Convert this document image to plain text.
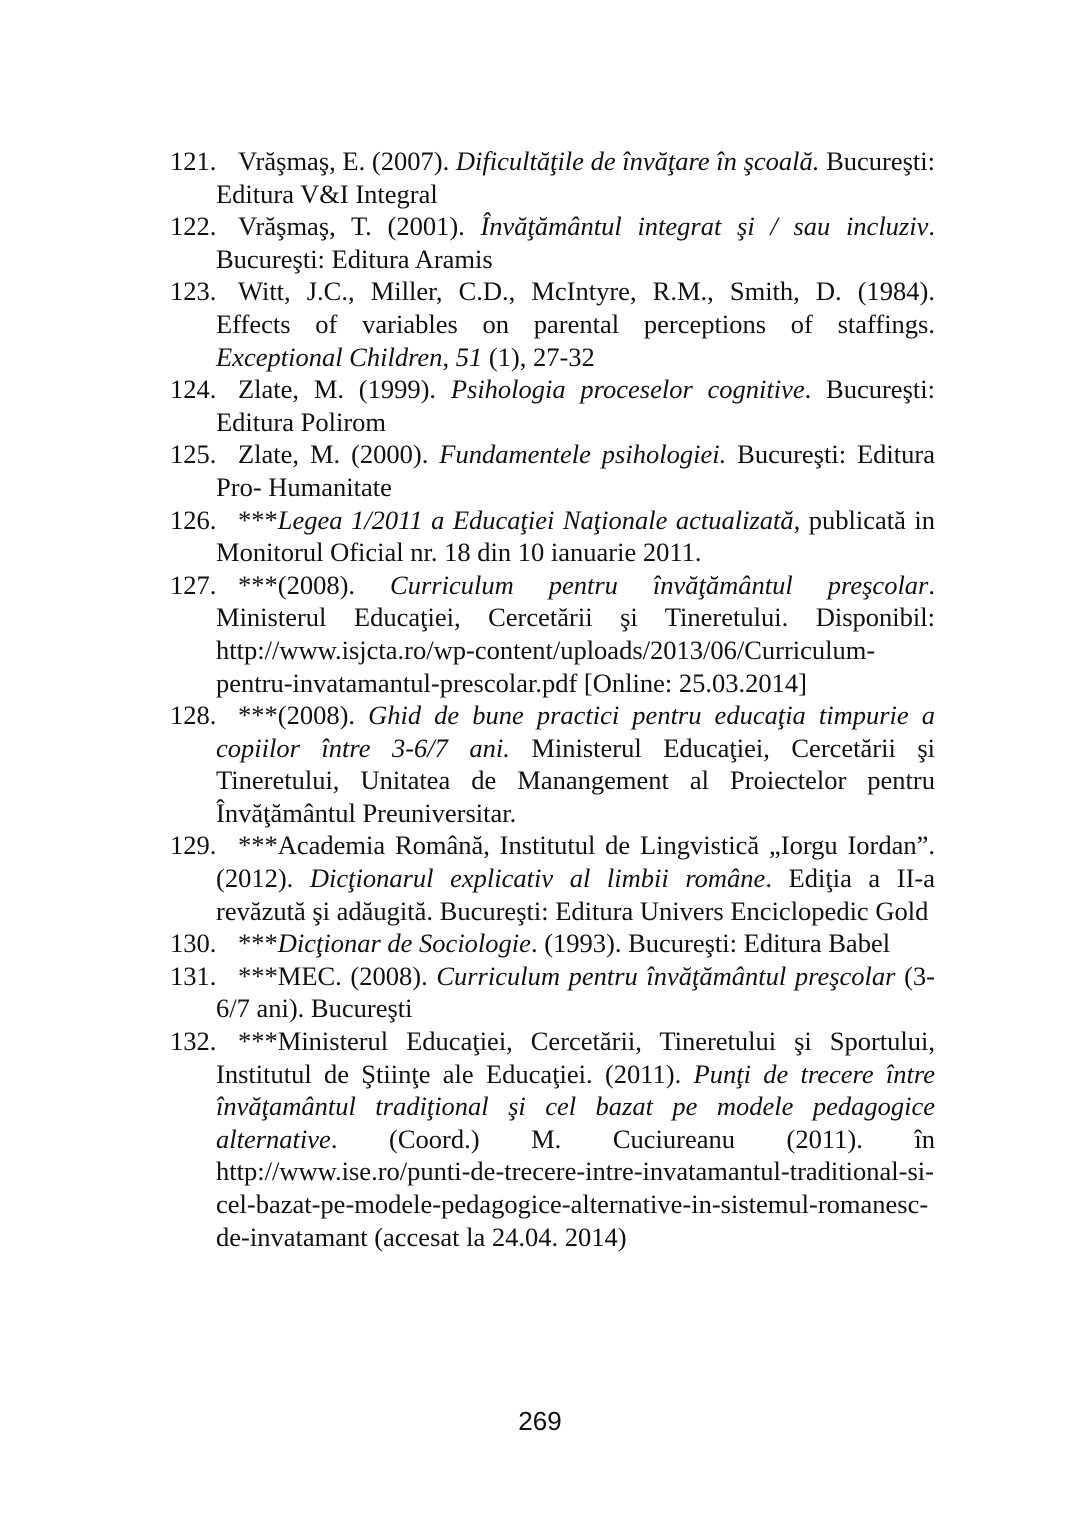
121. Vrăşmaş, E. (2007). Dificultăţile de învăţare în şcoală. Bucureşti: Editura V&I Integral
122. Vrăşmaş, T. (2001). Învăţământul integrat şi / sau incluziv. Bucureşti: Editura Aramis
123. Witt, J.C., Miller, C.D., McIntyre, R.M., Smith, D. (1984). Effects of variables on parental perceptions of staffings. Exceptional Children, 51 (1), 27-32
124. Zlate, M. (1999). Psihologia proceselor cognitive. Bucureşti: Editura Polirom
125. Zlate, M. (2000). Fundamentele psihologiei. Bucureşti: Editura Pro- Humanitate
126. ***Legea 1/2011 a Educaţiei Naţionale actualizată, publicată in Monitorul Oficial nr. 18 din 10 ianuarie 2011.
127. ***(2008). Curriculum pentru învăţământul preşcolar. Ministerul Educaţiei, Cercetării şi Tineretului. Disponibil: http://www.isjcta.ro/wp-content/uploads/2013/06/Curriculum-pentru-invatamantul-prescolar.pdf [Online: 25.03.2014]
128. ***(2008). Ghid de bune practici pentru educaţia timpurie a copiilor între 3-6/7 ani. Ministerul Educaţiei, Cercetării şi Tineretului, Unitatea de Manangement al Proiectelor pentru Învăţământul Preuniversitar.
129. ***Academia Română, Institutul de Lingvistică „Iorgu Iordan”. (2012). Dicţionarul explicativ al limbii române. Ediţia a II-a revăzută şi adăugită. Bucureşti: Editura Univers Enciclopedic Gold
130. ***Dicţionar de Sociologie. (1993). Bucureşti: Editura Babel
131. ***MEC. (2008). Curriculum pentru învăţământul preşcolar (3-6/7 ani). Bucureşti
132. ***Ministerul Educaţiei, Cercetării, Tineretului şi Sportului, Institutul de Ştiinţe ale Educaţiei. (2011). Punţi de trecere între învăţamântul tradiţional şi cel bazat pe modele pedagogice alternative. (Coord.) M. Cuciureanu (2011). în http://www.ise.ro/punti-de-trecere-intre-invatamantul-traditional-si-cel-bazat-pe-modele-pedagogice-alternative-in-sistemul-romanesc-de-invatamant (accesat la 24.04. 2014)
269
